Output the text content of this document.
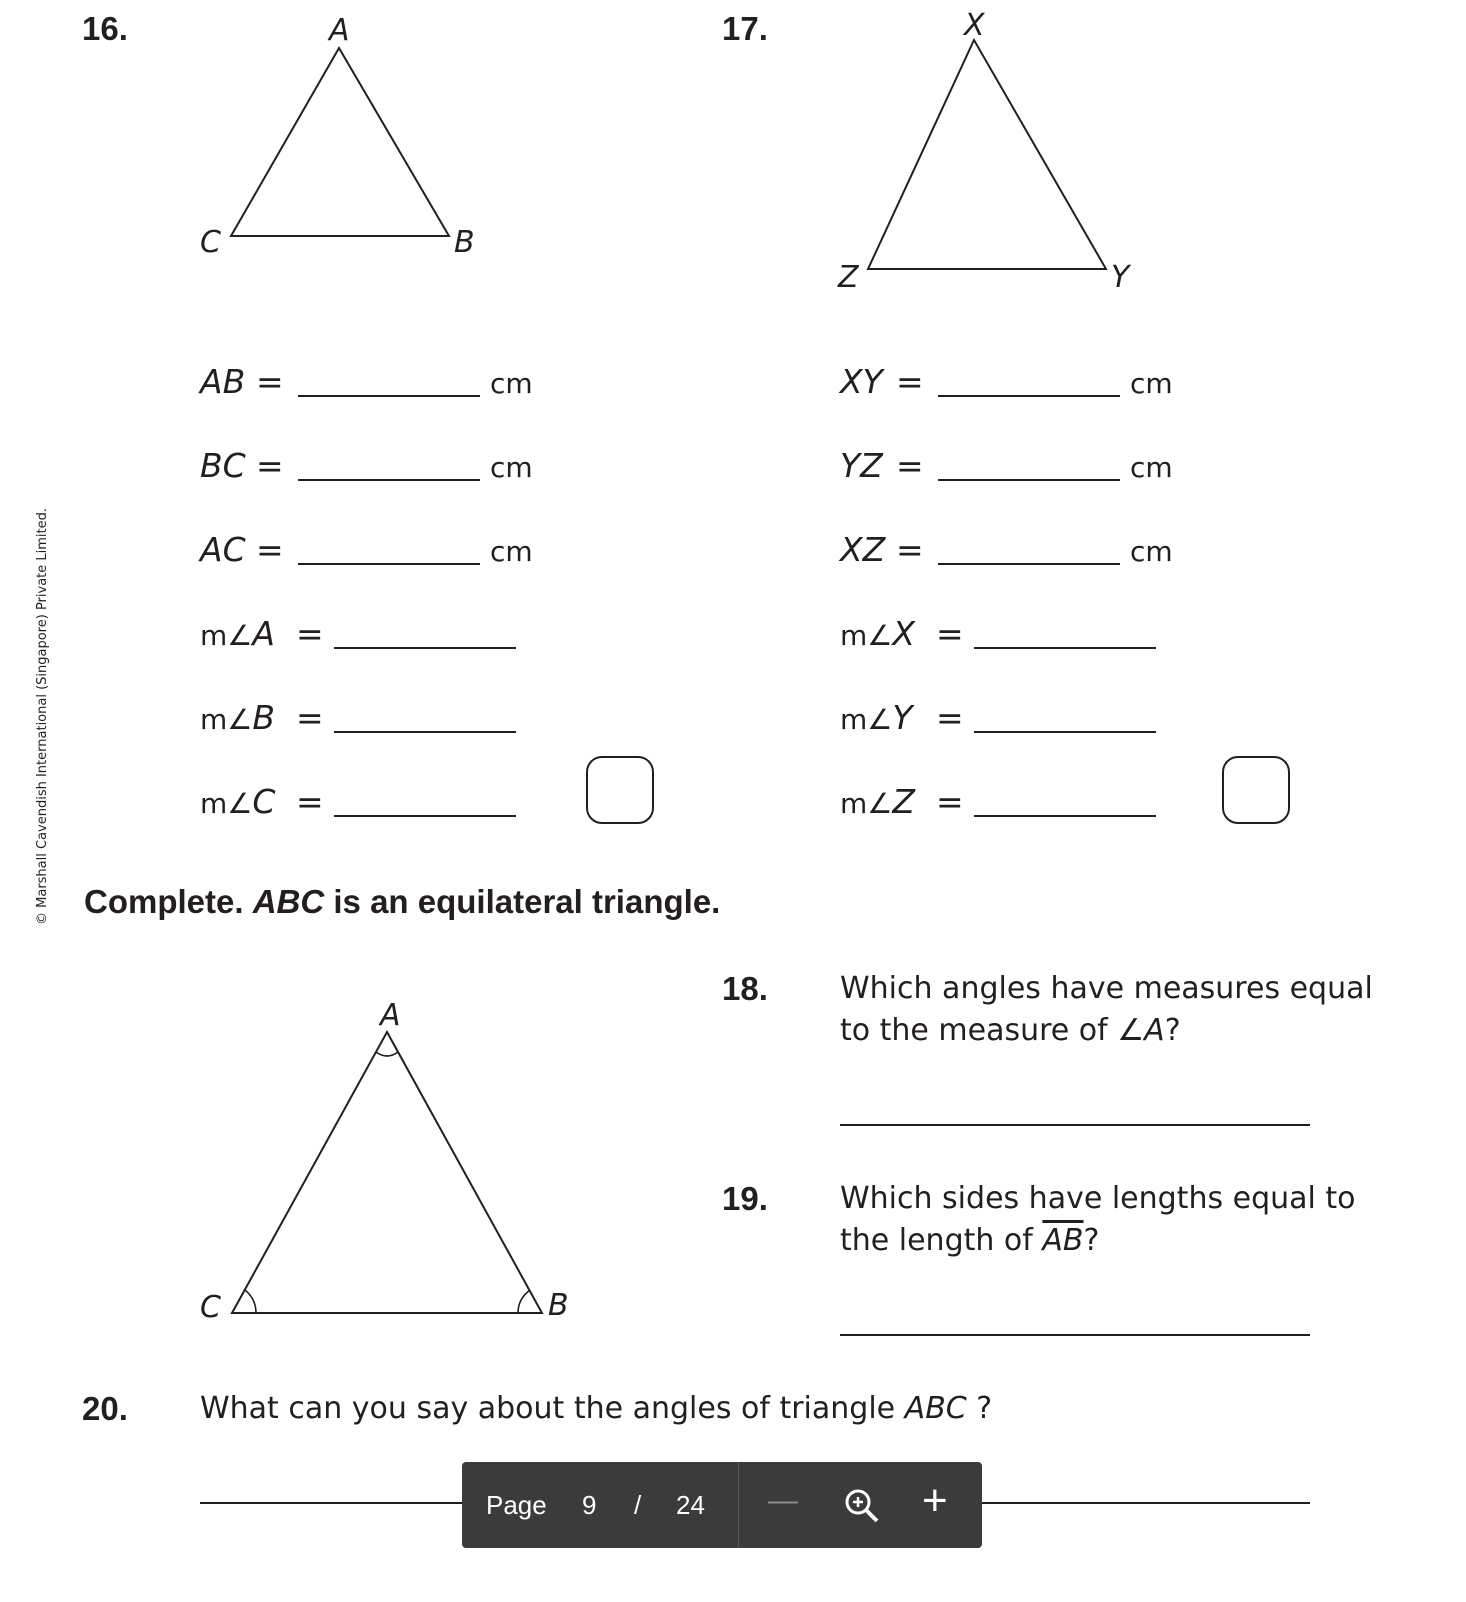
© Marshall Cavendish International (Singapore) Private Limited.
16.	A
C	B
17.	X
Z	Y
AB =	cm
BC =	cm
AC =	cm
m∠A =
m∠B =
m∠C =
XY =	cm
YZ =	cm
XZ =	cm
m∠X =
m∠Y =
m∠Z =
Complete. ABC is an equilateral triangle.
A
C	B
18. Which angles have measures equal
to the measure of ∠A?
19. Which sides have lengths equal to
the length of $\overline{AB}$?
20. What can you say about the angles of triangle ABC ?
Page 9 / 24 —	+
